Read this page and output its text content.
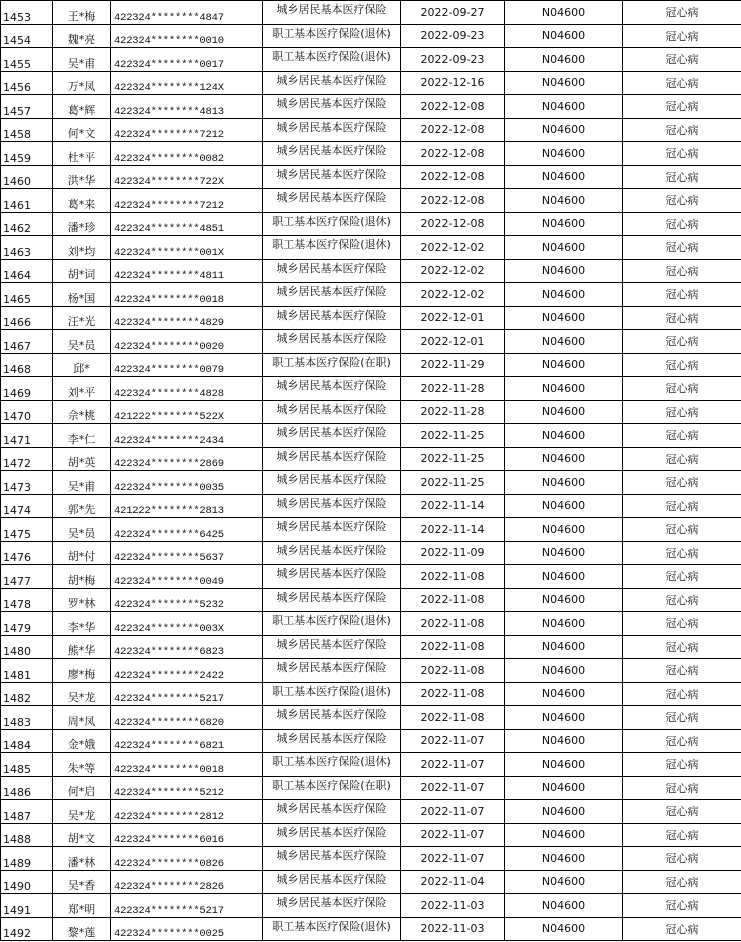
1453	王*梅	422324********4847	城乡居民基本医疗保险	2022-09-27	N04600	冠心病
1454	魏*亮	422324********0010	职工基本医疗保险(退休)	2022-09-23	N04600	冠心病
1455	吴*甫	422324********0017	职工基本医疗保险(退休)	2022-09-23	N04600	冠心病
1456	万*凤	422324********124X	城乡居民基本医疗保险	2022-12-16	N04600	冠心病
1457	葛*辉	422324********4813	城乡居民基本医疗保险	2022-12-08	N04600	冠心病
1458	何*文	422324********7212	城乡居民基本医疗保险	2022-12-08	N04600	冠心病
1459	杜*平	422324********0082	城乡居民基本医疗保险	2022-12-08	N04600	冠心病
1460	洪*华	422324********722X	城乡居民基本医疗保险	2022-12-08	N04600	冠心病
1461	葛*来	422324********7212	城乡居民基本医疗保险	2022-12-08	N04600	冠心病
1462	潘*珍	422324********4851	职工基本医疗保险(退休)	2022-12-08	N04600	冠心病
1463	刘*均	422324********001X	职工基本医疗保险(退休)	2022-12-02	N04600	冠心病
1464	胡*词	422324********4811	城乡居民基本医疗保险	2022-12-02	N04600	冠心病
1465	杨*国	422324********0018	城乡居民基本医疗保险	2022-12-02	N04600	冠心病
1466	汪*光	422324********4829	城乡居民基本医疗保险	2022-12-01	N04600	冠心病
1467	吴*员	422324********0020	城乡居民基本医疗保险	2022-12-01	N04600	冠心病
1468	邱*	422324********0079	职工基本医疗保险(在职)	2022-11-29	N04600	冠心病
1469	刘*平	422324********4828	城乡居民基本医疗保险	2022-11-28	N04600	冠心病
1470	佘*桃	421222********522X	城乡居民基本医疗保险	2022-11-28	N04600	冠心病
1471	李*仁	422324********2434	城乡居民基本医疗保险	2022-11-25	N04600	冠心病
1472	胡*英	422324********2869	城乡居民基本医疗保险	2022-11-25	N04600	冠心病
1473	吴*甫	422324********0035	城乡居民基本医疗保险	2022-11-25	N04600	冠心病
1474	郭*先	421222********2813	城乡居民基本医疗保险	2022-11-14	N04600	冠心病
1475	吴*员	422324********6425	城乡居民基本医疗保险	2022-11-14	N04600	冠心病
1476	胡*付	422324********5637	城乡居民基本医疗保险	2022-11-09	N04600	冠心病
1477	胡*梅	422324********0049	城乡居民基本医疗保险	2022-11-08	N04600	冠心病
1478	罗*林	422324********5232	城乡居民基本医疗保险	2022-11-08	N04600	冠心病
1479	李*华	422324********003X	职工基本医疗保险(退休)	2022-11-08	N04600	冠心病
1480	熊*华	422324********6823	城乡居民基本医疗保险	2022-11-08	N04600	冠心病
1481	廖*梅	422324********2422	城乡居民基本医疗保险	2022-11-08	N04600	冠心病
1482	吴*龙	422324********5217	职工基本医疗保险(退休)	2022-11-08	N04600	冠心病
1483	周*凤	422324********6820	城乡居民基本医疗保险	2022-11-08	N04600	冠心病
1484	金*娥	422324********6821	城乡居民基本医疗保险	2022-11-07	N04600	冠心病
1485	朱*等	422324********0018	职工基本医疗保险(退休)	2022-11-07	N04600	冠心病
1486	何*启	422324********5212	职工基本医疗保险(在职)	2022-11-07	N04600	冠心病
1487	吴*龙	422324********2812	城乡居民基本医疗保险	2022-11-07	N04600	冠心病
1488	胡*文	422324********6016	城乡居民基本医疗保险	2022-11-07	N04600	冠心病
1489	潘*林	422324********0826	城乡居民基本医疗保险	2022-11-07	N04600	冠心病
1490	吴*香	422324********2826	城乡居民基本医疗保险	2022-11-04	N04600	冠心病
1491	郑*明	422324********5217	城乡居民基本医疗保险	2022-11-03	N04600	冠心病
1492	黎*莲	422324********0025	职工基本医疗保险(退休)	2022-11-03	N04600	冠心病
